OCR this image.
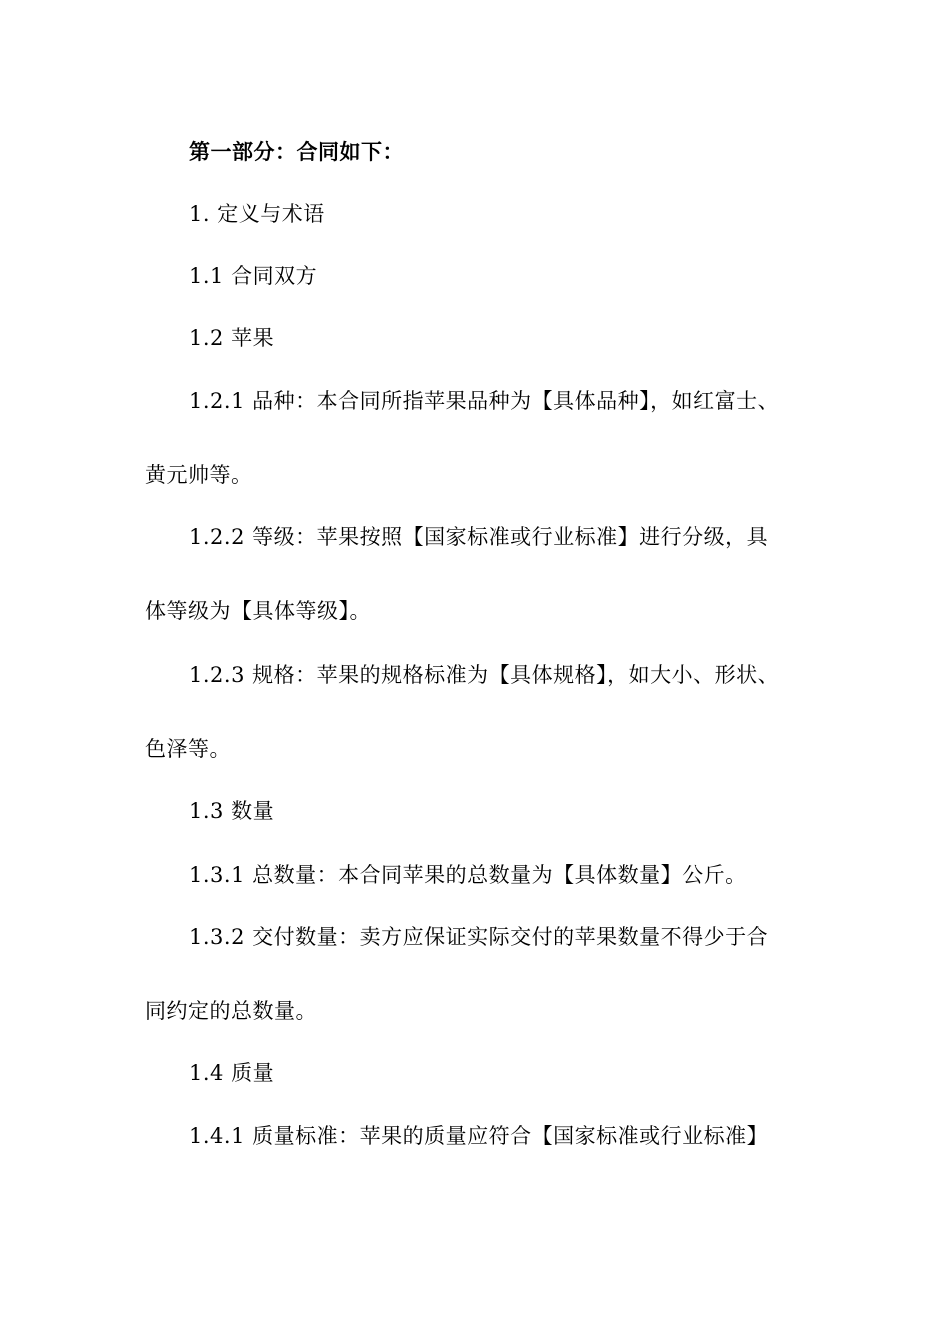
第一部分：合同如下：
1. 定义与术语
1.1 合同双方
1.2 苹果
1.2.1 品种：本合同所指苹果品种为【具体品种】，如红富士、
黄元帅等。
1.2.2 等级：苹果按照【国家标准或行业标准】进行分级，具
体等级为【具体等级】。
1.2.3 规格：苹果的规格标准为【具体规格】，如大小、形状、
色泽等。
1.3 数量
1.3.1 总数量：本合同苹果的总数量为【具体数量】公斤。
1.3.2 交付数量：卖方应保证实际交付的苹果数量不得少于合
同约定的总数量。
1.4 质量
1.4.1 质量标准：苹果的质量应符合【国家标准或行业标准】
